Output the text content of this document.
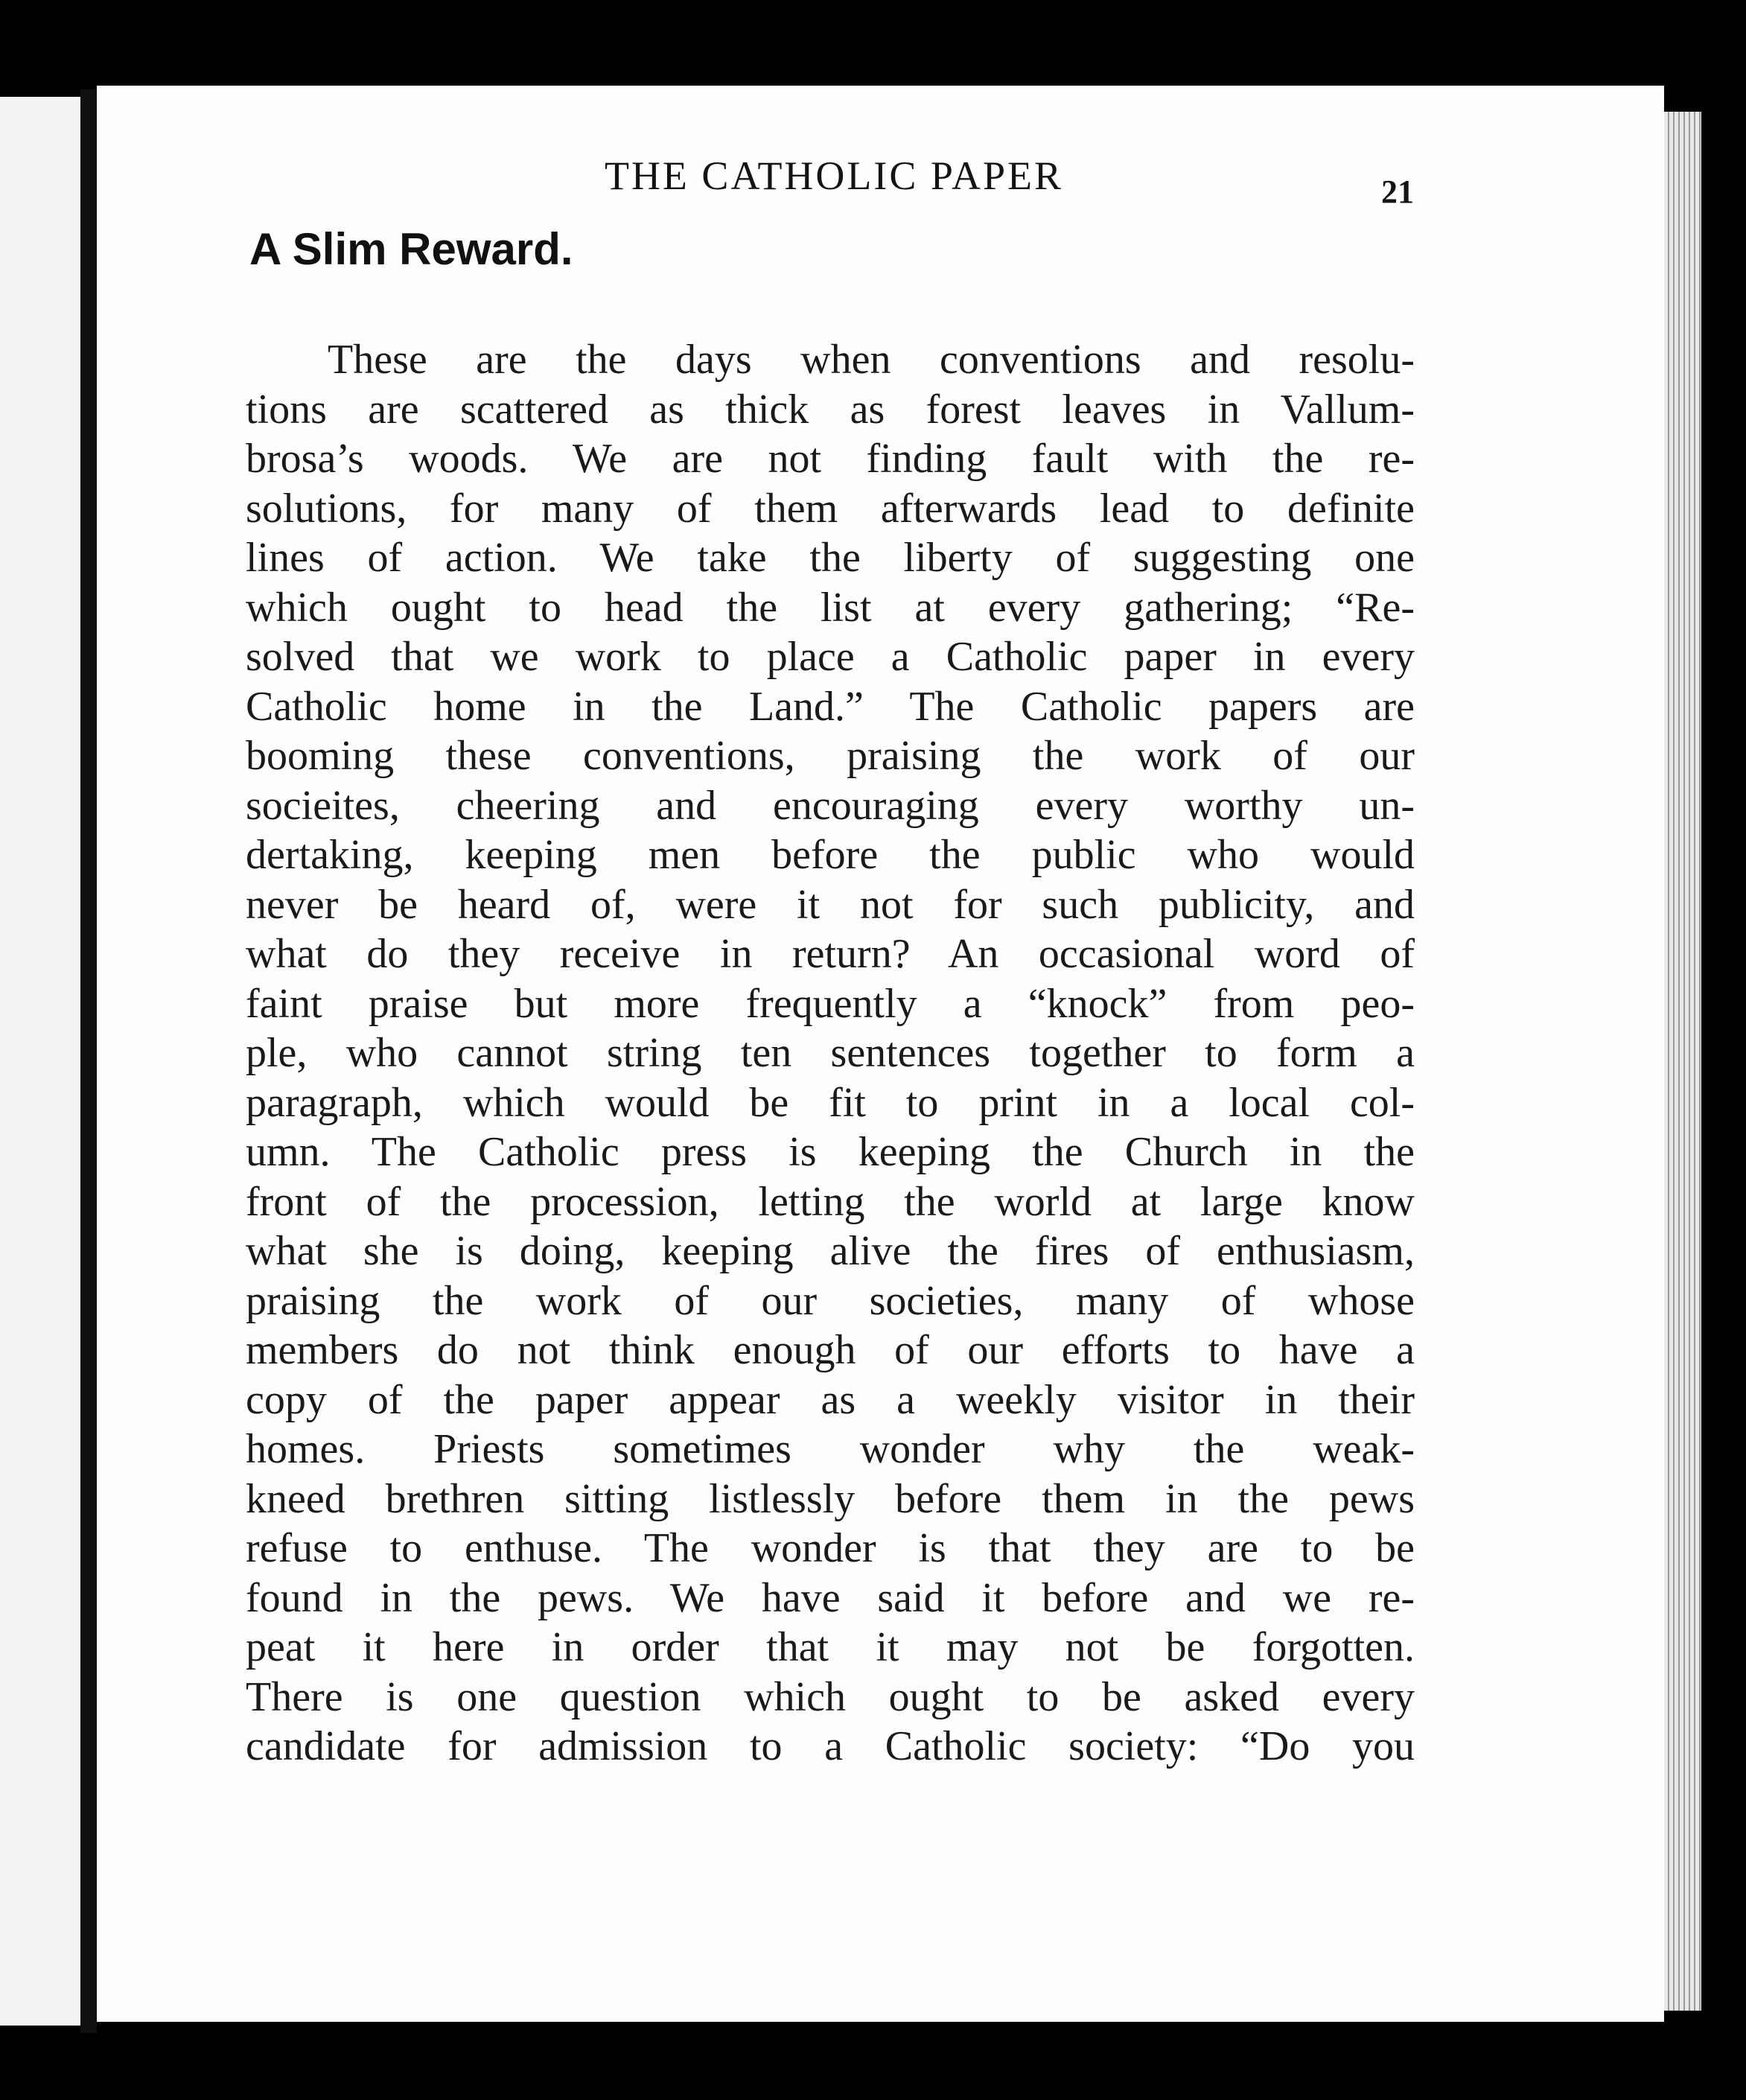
THE CATHOLIC PAPER	21
A Slim Reward.
These are the days when conventions and resolu-
tions are scattered as thick as forest leaves in Vallum-
brosa’s woods. We are not finding fault with the re-
solutions, for many of them afterwards lead to definite
lines of action. We take the liberty of suggesting one
which ought to head the list at every gathering; “Re-
solved that we work to place a Catholic paper in every
Catholic home in the Land.” The Catholic papers are
booming these conventions, praising the work of our
socieites, cheering and encouraging every worthy un-
dertaking, keeping men before the public who would
never be heard of, were it not for such publicity, and
what do they receive in return? An occasional word of
faint praise but more frequently a “knock” from peo-
ple, who cannot string ten sentences together to form a
paragraph, which would be fit to print in a local col-
umn. The Catholic press is keeping the Church in the
front of the procession, letting the world at large know
what she is doing, keeping alive the fires of enthusiasm,
praising the work of our societies, many of whose
members do not think enough of our efforts to have a
copy of the paper appear as a weekly visitor in their
homes. Priests sometimes wonder why the weak-
kneed brethren sitting listlessly before them in the pews
refuse to enthuse. The wonder is that they are to be
found in the pews. We have said it before and we re-
peat it here in order that it may not be forgotten.
There is one question which ought to be asked every
candidate for admission to a Catholic society: “Do you
